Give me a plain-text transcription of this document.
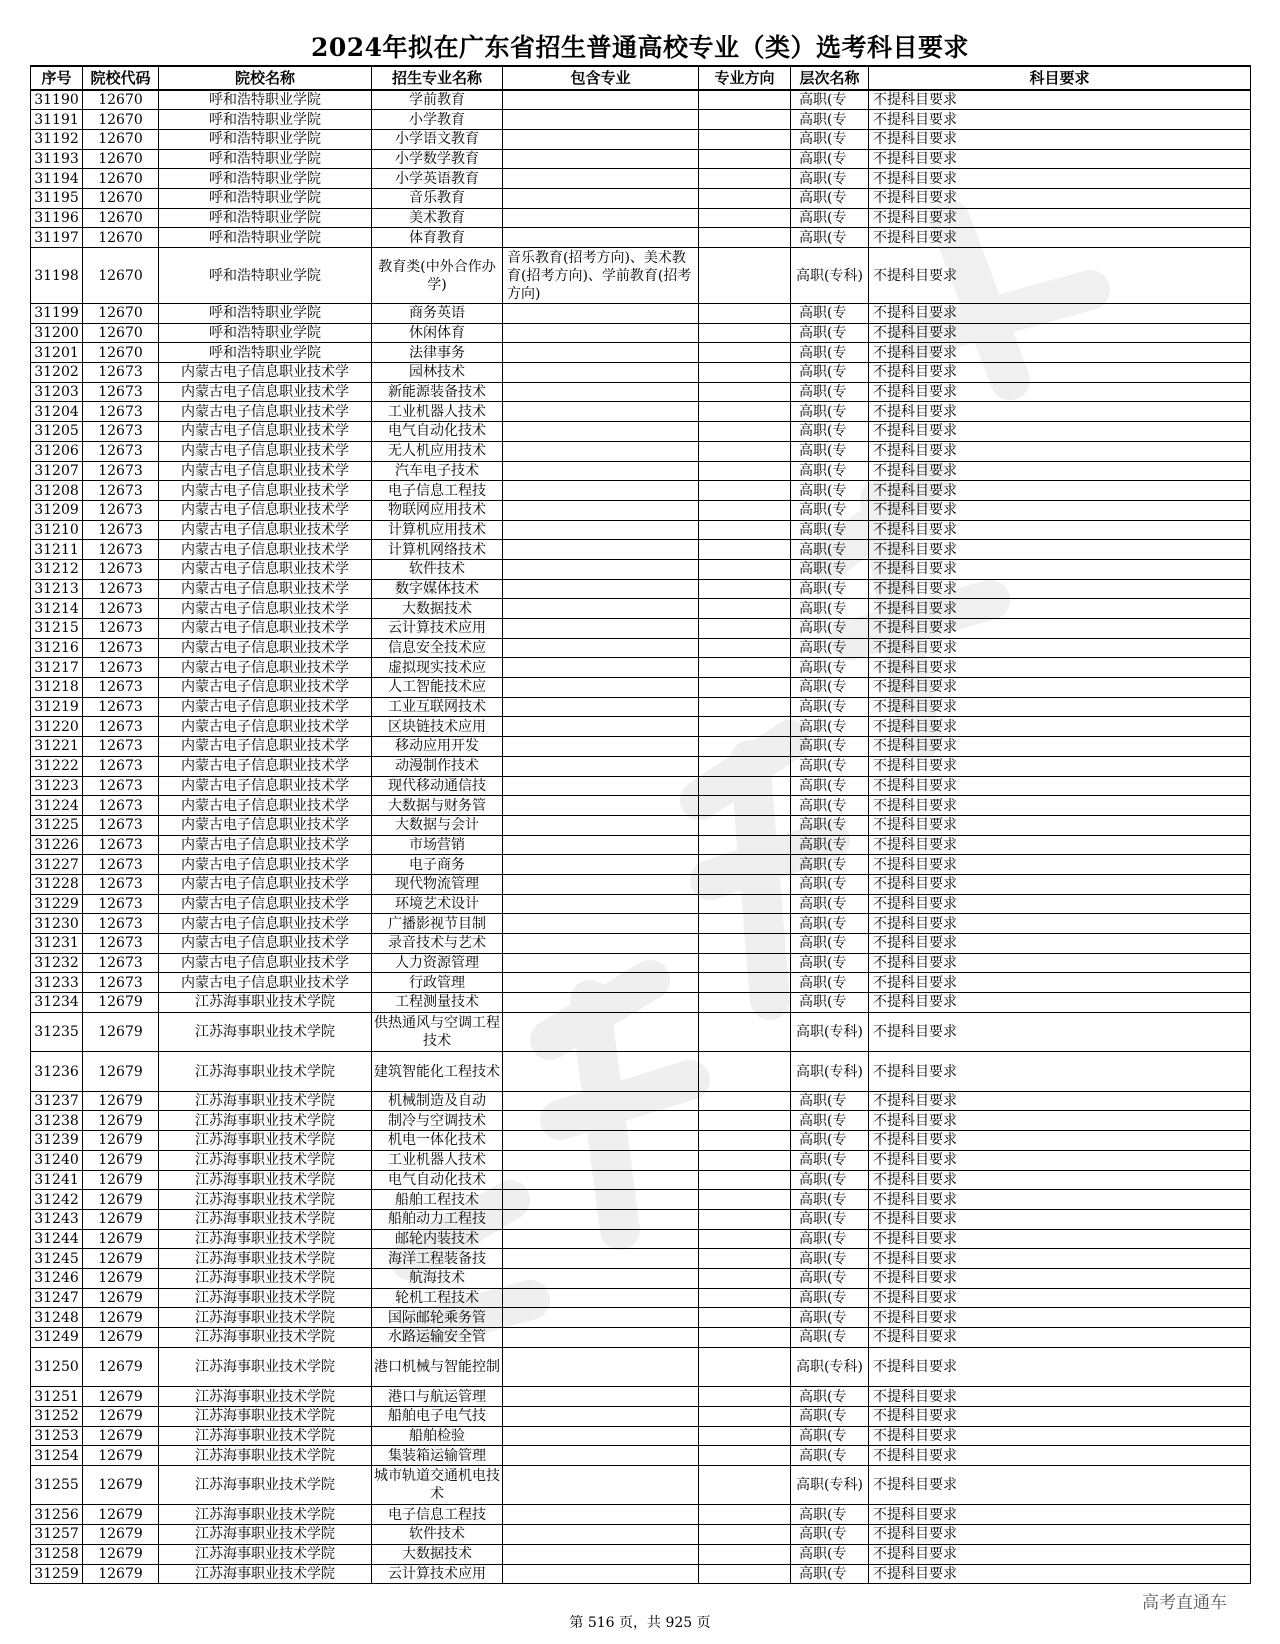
2024年拟在广东省招生普通高校专业（类）选考科目要求
序号	院校代码	院校名称	招生专业名称	包含专业	专业方向	层次名称	科目要求
31190	12670	呼和浩特职业学院	学前教育			高职(专	不提科目要求
31191	12670	呼和浩特职业学院	小学教育			高职(专	不提科目要求
31192	12670	呼和浩特职业学院	小学语文教育			高职(专	不提科目要求
31193	12670	呼和浩特职业学院	小学数学教育			高职(专	不提科目要求
31194	12670	呼和浩特职业学院	小学英语教育			高职(专	不提科目要求
31195	12670	呼和浩特职业学院	音乐教育			高职(专	不提科目要求
31196	12670	呼和浩特职业学院	美术教育			高职(专	不提科目要求
31197	12670	呼和浩特职业学院	体育教育			高职(专	不提科目要求
31198	12670	呼和浩特职业学院	教育类(中外合作办学)	音乐教育(招考方向)、美术教育(招考方向)、学前教育(招考方向)		高职(专科)	不提科目要求
31199	12670	呼和浩特职业学院	商务英语			高职(专	不提科目要求
31200	12670	呼和浩特职业学院	休闲体育			高职(专	不提科目要求
31201	12670	呼和浩特职业学院	法律事务			高职(专	不提科目要求
31202	12673	内蒙古电子信息职业技术学	园林技术			高职(专	不提科目要求
31203	12673	内蒙古电子信息职业技术学	新能源装备技术			高职(专	不提科目要求
31204	12673	内蒙古电子信息职业技术学	工业机器人技术			高职(专	不提科目要求
31205	12673	内蒙古电子信息职业技术学	电气自动化技术			高职(专	不提科目要求
31206	12673	内蒙古电子信息职业技术学	无人机应用技术			高职(专	不提科目要求
31207	12673	内蒙古电子信息职业技术学	汽车电子技术			高职(专	不提科目要求
31208	12673	内蒙古电子信息职业技术学	电子信息工程技			高职(专	不提科目要求
31209	12673	内蒙古电子信息职业技术学	物联网应用技术			高职(专	不提科目要求
31210	12673	内蒙古电子信息职业技术学	计算机应用技术			高职(专	不提科目要求
31211	12673	内蒙古电子信息职业技术学	计算机网络技术			高职(专	不提科目要求
31212	12673	内蒙古电子信息职业技术学	软件技术			高职(专	不提科目要求
31213	12673	内蒙古电子信息职业技术学	数字媒体技术			高职(专	不提科目要求
31214	12673	内蒙古电子信息职业技术学	大数据技术			高职(专	不提科目要求
31215	12673	内蒙古电子信息职业技术学	云计算技术应用			高职(专	不提科目要求
31216	12673	内蒙古电子信息职业技术学	信息安全技术应			高职(专	不提科目要求
31217	12673	内蒙古电子信息职业技术学	虚拟现实技术应			高职(专	不提科目要求
31218	12673	内蒙古电子信息职业技术学	人工智能技术应			高职(专	不提科目要求
31219	12673	内蒙古电子信息职业技术学	工业互联网技术			高职(专	不提科目要求
31220	12673	内蒙古电子信息职业技术学	区块链技术应用			高职(专	不提科目要求
31221	12673	内蒙古电子信息职业技术学	移动应用开发			高职(专	不提科目要求
31222	12673	内蒙古电子信息职业技术学	动漫制作技术			高职(专	不提科目要求
31223	12673	内蒙古电子信息职业技术学	现代移动通信技			高职(专	不提科目要求
31224	12673	内蒙古电子信息职业技术学	大数据与财务管			高职(专	不提科目要求
31225	12673	内蒙古电子信息职业技术学	大数据与会计			高职(专	不提科目要求
31226	12673	内蒙古电子信息职业技术学	市场营销			高职(专	不提科目要求
31227	12673	内蒙古电子信息职业技术学	电子商务			高职(专	不提科目要求
31228	12673	内蒙古电子信息职业技术学	现代物流管理			高职(专	不提科目要求
31229	12673	内蒙古电子信息职业技术学	环境艺术设计			高职(专	不提科目要求
31230	12673	内蒙古电子信息职业技术学	广播影视节目制			高职(专	不提科目要求
31231	12673	内蒙古电子信息职业技术学	录音技术与艺术			高职(专	不提科目要求
31232	12673	内蒙古电子信息职业技术学	人力资源管理			高职(专	不提科目要求
31233	12673	内蒙古电子信息职业技术学	行政管理			高职(专	不提科目要求
31234	12679	江苏海事职业技术学院	工程测量技术			高职(专	不提科目要求
31235	12679	江苏海事职业技术学院	供热通风与空调工程技术			高职(专科)	不提科目要求
31236	12679	江苏海事职业技术学院	建筑智能化工程技术			高职(专科)	不提科目要求
31237	12679	江苏海事职业技术学院	机械制造及自动			高职(专	不提科目要求
31238	12679	江苏海事职业技术学院	制冷与空调技术			高职(专	不提科目要求
31239	12679	江苏海事职业技术学院	机电一体化技术			高职(专	不提科目要求
31240	12679	江苏海事职业技术学院	工业机器人技术			高职(专	不提科目要求
31241	12679	江苏海事职业技术学院	电气自动化技术			高职(专	不提科目要求
31242	12679	江苏海事职业技术学院	船舶工程技术			高职(专	不提科目要求
31243	12679	江苏海事职业技术学院	船舶动力工程技			高职(专	不提科目要求
31244	12679	江苏海事职业技术学院	邮轮内装技术			高职(专	不提科目要求
31245	12679	江苏海事职业技术学院	海洋工程装备技			高职(专	不提科目要求
31246	12679	江苏海事职业技术学院	航海技术			高职(专	不提科目要求
31247	12679	江苏海事职业技术学院	轮机工程技术			高职(专	不提科目要求
31248	12679	江苏海事职业技术学院	国际邮轮乘务管			高职(专	不提科目要求
31249	12679	江苏海事职业技术学院	水路运输安全管			高职(专	不提科目要求
31250	12679	江苏海事职业技术学院	港口机械与智能控制			高职(专科)	不提科目要求
31251	12679	江苏海事职业技术学院	港口与航运管理			高职(专	不提科目要求
31252	12679	江苏海事职业技术学院	船舶电子电气技			高职(专	不提科目要求
31253	12679	江苏海事职业技术学院	船舶检验			高职(专	不提科目要求
31254	12679	江苏海事职业技术学院	集装箱运输管理			高职(专	不提科目要求
31255	12679	江苏海事职业技术学院	城市轨道交通机电技术			高职(专科)	不提科目要求
31256	12679	江苏海事职业技术学院	电子信息工程技			高职(专	不提科目要求
31257	12679	江苏海事职业技术学院	软件技术			高职(专	不提科目要求
31258	12679	江苏海事职业技术学院	大数据技术			高职(专	不提科目要求
31259	12679	江苏海事职业技术学院	云计算技术应用			高职(专	不提科目要求
第 516 页，共 925 页
高考直通车
